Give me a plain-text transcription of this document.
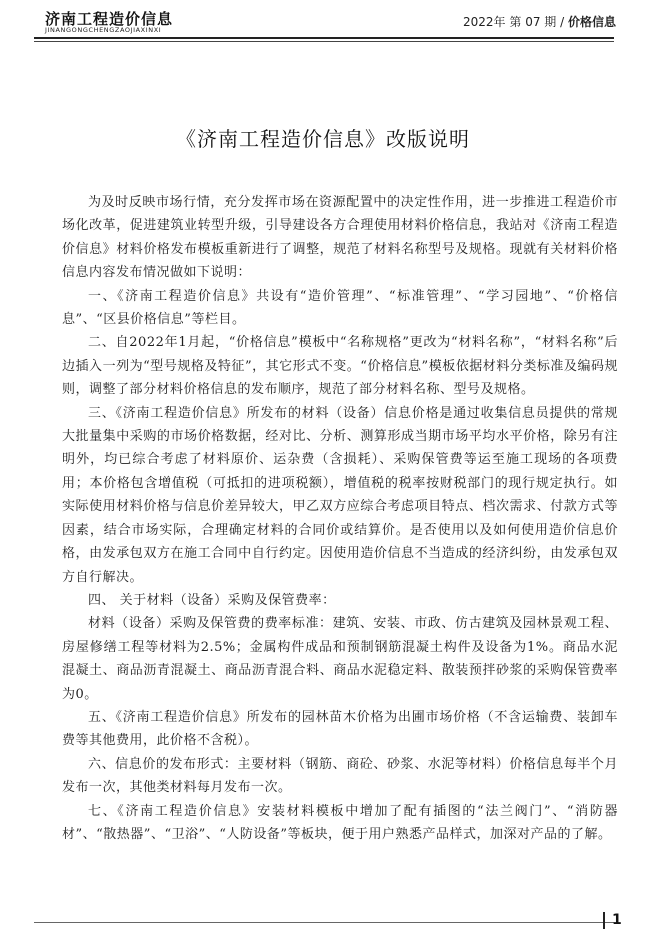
济南工程造价信息
JINANGONGCHENGZAOJIAXINXI
2022年 第 07 期 / 价格信息
《济南工程造价信息》改版说明

为及时反映市场行情，充分发挥市场在资源配置中的决定性作用，进一步推进工程造价市场化改革，促进建筑业转型升级，引导建设各方合理使用材料价格信息，我站对《济南工程造价信息》材料价格发布模板重新进行了调整，规范了材料名称型号及规格。现就有关材料价格信息内容发布情况做如下说明：

一、《济南工程造价信息》共设有“造价管理”、“标准管理”、“学习园地”、“价格信息”、“区县价格信息”等栏目。

二、自2022年1月起，“价格信息”模板中“名称规格”更改为“材料名称”，“材料名称”后边插入一列为“型号规格及特征”，其它形式不变。“价格信息”模板依据材料分类标准及编码规则，调整了部分材料价格信息的发布顺序，规范了部分材料名称、型号及规格。

三、《济南工程造价信息》所发布的材料（设备）信息价格是通过收集信息员提供的常规大批量集中采购的市场价格数据，经对比、分析、测算形成当期市场平均水平价格，除另有注明外，均已综合考虑了材料原价、运杂费（含损耗）、采购保管费等运至施工现场的各项费用；本价格包含增值税（可抵扣的进项税额），增值税的税率按财税部门的现行规定执行。如实际使用材料价格与信息价差异较大，甲乙双方应综合考虑项目特点、档次需求、付款方式等因素，结合市场实际，合理确定材料的合同价或结算价。是否使用以及如何使用造价信息价格，由发承包双方在施工合同中自行约定。因使用造价信息不当造成的经济纠纷，由发承包双方自行解决。

四、 关于材料（设备）采购及保管费率：

材料（设备）采购及保管费的费率标准：建筑、安装、市政、仿古建筑及园林景观工程、房屋修缮工程等材料为2.5%；金属构件成品和预制钢筋混凝土构件及设备为1%。商品水泥混凝土、商品沥青混凝土、商品沥青混合料、商品水泥稳定料、散装预拌砂浆的采购保管费率为0。

五、《济南工程造价信息》所发布的园林苗木价格为出圃市场价格（不含运输费、装卸车费等其他费用，此价格不含税）。

六、信息价的发布形式：主要材料（钢筋、商砼、砂浆、水泥等材料）价格信息每半个月发布一次，其他类材料每月发布一次。

七、《济南工程造价信息》安装材料模板中增加了配有插图的“法兰阀门”、“消防器材”、“散热器”、“卫浴”、“人防设备”等板块，便于用户熟悉产品样式，加深对产品的了解。

1
